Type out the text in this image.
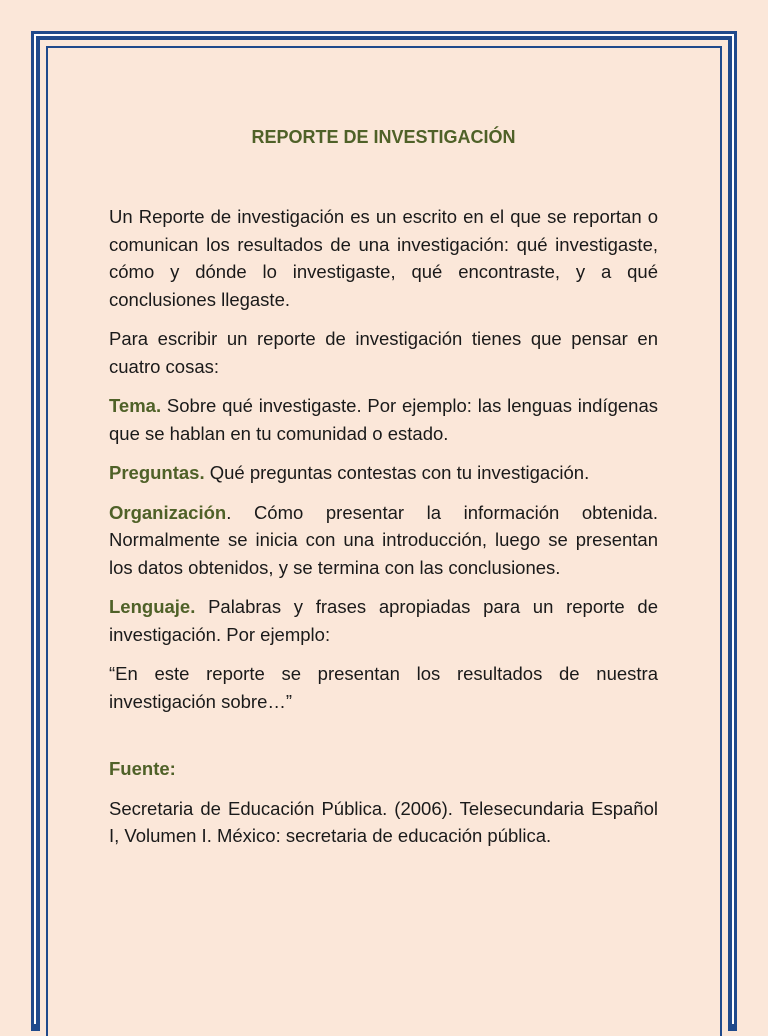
REPORTE DE INVESTIGACIÓN

Un Reporte de investigación es un escrito en el que se reportan o comunican los resultados de una investigación: qué investigaste, cómo y dónde lo investigaste, qué encontraste, y a qué conclusiones llegaste.

Para escribir un reporte de investigación tienes que pensar en cuatro cosas:

Tema. Sobre qué investigaste. Por ejemplo: las lenguas indígenas que se hablan en tu comunidad o estado.

Preguntas. Qué preguntas contestas con tu investigación.

Organización. Cómo presentar la información obtenida. Normalmente se inicia con una introducción, luego se presentan los datos obtenidos, y se termina con las conclusiones.

Lenguaje. Palabras y frases apropiadas para un reporte de investigación. Por ejemplo:

“En este reporte se presentan los resultados de nuestra investigación sobre…”

Fuente:

Secretaria de Educación Pública. (2006). Telesecundaria Español I, Volumen I. México: secretaria de educación pública.
